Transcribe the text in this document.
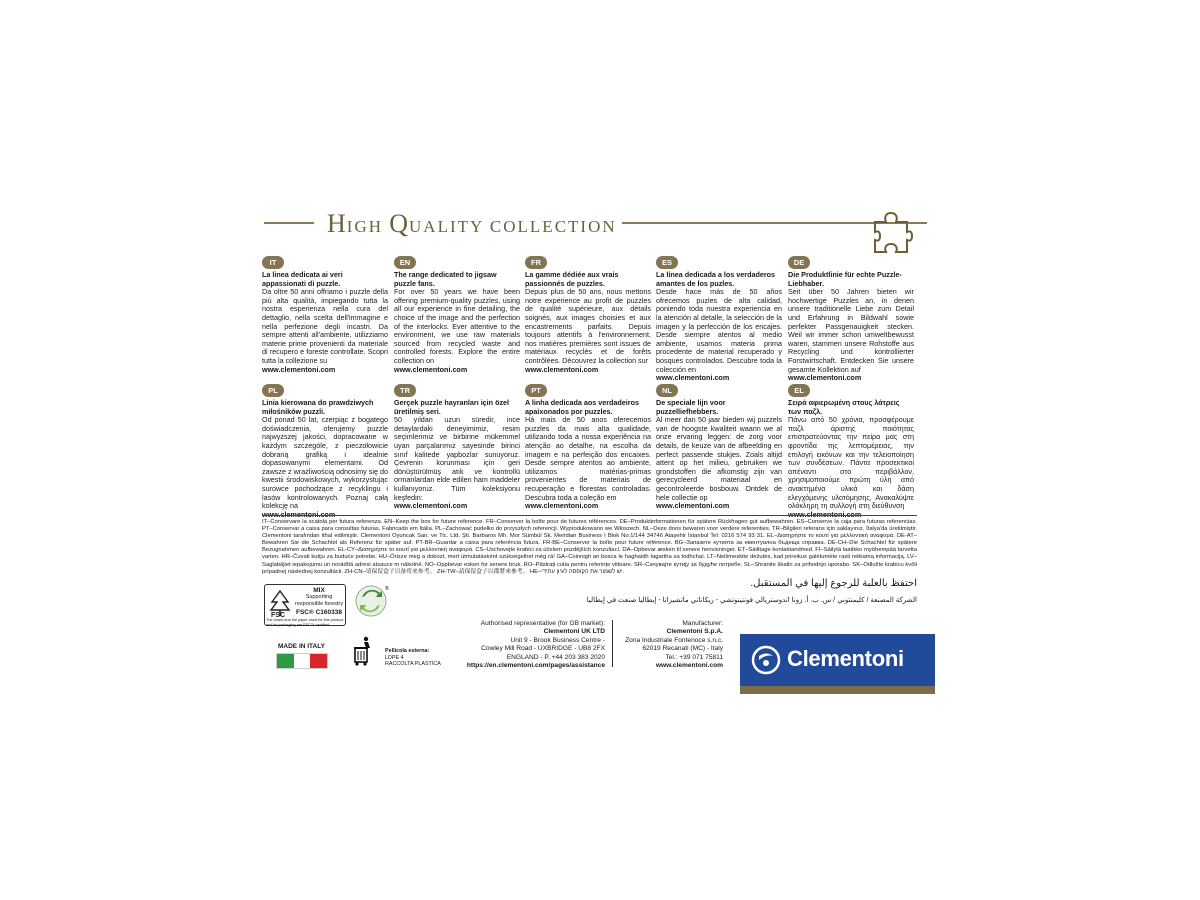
HIGH QUALITY COLLECTION
IT
La linea dedicata ai veri appassionati di puzzle.
Da oltre 50 anni offriamo i puzzle della più alta qualità, impiegando tutta la nostra esperienza nella cura del dettaglio, nella scelta dell'immagine e nella perfezione degli incastri. Da sempre attenti all'ambiente, utilizziamo materie prime provenienti da materiale di recupero e foreste controllate. Scopri tutta la collezione su
www.clementoni.com
EN
The range dedicated to jigsaw puzzle fans.
For over 50 years we have been offering premium-quality puzzles, using all our experience in fine detailing, the choice of the image and the perfection of the interlocks. Ever attentive to the environment, we use raw materials sourced from recycled waste and controlled forests. Explore the entire collection on
www.clementoni.com
FR
La gamme dédiée aux vrais passionnés de puzzles.
Depuis plus de 50 ans, nous mettons notre expérience au profit de puzzles de qualité supérieure, aux détails soignés, aux images choisies et aux encastrements parfaits. Depuis toujours attentifs à l'environnement, nos matières premières sont issues de matériaux recyclés et de forêts contrôlées. Découvrez la collection sur
www.clementoni.com
ES
La línea dedicada a los verdaderos amantes de los puzles.
Desde hace más de 50 años ofrecemos puzles de alta calidad, poniendo toda nuestra experiencia en la atención al detalle, la selección de la imagen y la perfección de los encajes. Desde siempre atentos al medio ambiente, usamos materia prima procedente de material recuperado y bosques controlados. Descubre toda la colección en
www.clementoni.com
DE
Die Produktlinie für echte Puzzle-Liebhaber.
Seit über 50 Jahren bieten wir hochwertige Puzzles an, in denen unsere traditionelle Liebe zum Detail und Erfahrung in Bildwahl sowie perfekter Passgenauigkeit stecken. Weil wir immer schon umweltbewusst waren, stammen unsere Rohstoffe aus Recycling und kontrollierter Forstwirtschaft. Entdecken Sie unsere gesamte Kollektion auf
www.clementoni.com
PL
Linia kierowana do prawdziwych miłośników puzzli.
Od ponad 50 lat, czerpiąc z bogatego doświadczenia, oferujemy puzzle najwyższej jakości, dopracowane w każdym szczególe, z pieczołowicie dobraną grafiką i idealnie dopasowanymi elementami. Od zawsze z wrażliwością odnosimy się do kwestii środowiskowych, wykorzystując surowce pochodzące z recyklingu i lasów kontrolowanych. Poznaj całą kolekcję na
TR
Gerçek puzzle hayranları için özel üretilmiş seri.
50 yıldan uzun süredir, ince detaylardaki deneyimimiz, resim seçimlerimiz ve birbirine mükemmel uyan parçalarımız sayesinde birinci sınıf kalitede yapbozlar sunuyoruz. Çevrenin korunması için geri dönüştürülmüş atık ve kontrollü ormanlardan elde edilen ham maddeler kullanıyoruz. Tüm koleksiyonu keşfedin:
www.clementoni.com
PT
A linha dedicada aos verdadeiros apaixonados por puzzles.
Há mais de 50 anos oferecemos puzzles da mais alta qualidade, utilizando toda a nossa experiência na atenção ao detalhe, na escolha da imagem e na perfeição dos encaixes. Desde sempre atentos ao ambiente, utilizamos matérias-primas provenientes de materiais de recuperação e florestas controladas. Descubra toda a coleção em
www.clementoni.com
NL
De speciale lijn voor puzzelliefhebbers.
Al meer dan 50 jaar bieden wij puzzels van de hoogste kwaliteit waarin we al onze ervaring leggen: de zorg voor details, de keuze van de afbeelding en perfect passende stukjes. Zoals altijd attent op het milieu, gebruiken we grondstoffen die afkomstig zijn van gerecycleerd materiaal en gecontroleerde bosbouw. Ontdek de hele collectie op
www.clementoni.com
EL
Σειρά αφιερωμένη στους λάτρεις των παζλ.
Πάνω από 50 χρόνια, προσφέρουμε παζλ άριστης ποιότητας επιστρατεύοντας την πείρα μας στη φροντίδα της λεπτομέρειας, την επιλογή εικόνων και την τελειοποίηση των συνδέσεων. Πάντα προσεκτικοί απέναντι στο περιβάλλον, χρησιμοποιούμε πρώτη ύλη από ανακτημένα υλικά και δάση ελεγχόμενης υλοτόμησης. Ανακαλύψτε ολόκληρη τη συλλογή στη διεύθυνση
IT–Conservare la scatola per futura referenza. EN–Keep the box for future reference. FR–Conserver la boîte pour de futures références. DE–Produktinformationen für spätere Rückfragen gut aufbewahren. ES–Conserve la caja para futuras referencias. PT–Conservar a caixa para consultas futuras. Fabricado em Itália. PL–Zachować pudełko do przyszłych referencji. Wyprodukowano we Włoszech. NL–Deze doos bewaren voor verdere referenties. TR–Bilgileri referans için saklayınız. İtalya'da üretilmiştir. Clementoni tarafından ithal edilmiştir. Clementoni Oyuncak San. ve Tic. Ltd. Şti. Barbaros Mh. Mor Sümbül Sk. Meridian Business I Blok No:1/144 34746 Ataşehir İstanbul Tel: 0216 574 93 31. EL–Διατηρήστε το κουτί για μελλοντική αναφορά. DE-AT–Bewahren Sie die Schachtel als Referenz für später auf. PT-BR–Guardar a caixa para referência futura. FR-BE–Conserver la boîte pour future référence. BG–Запазете кутията за евентуална бъдеща справка. DE-CH–Die Schachtel für spätere Bezugnahmen aufbewahren. EL-CY–Διατηρήστε το κουτί για μελλοντική αναφορά. CS–Uschovejte krabici za účelem pozdějších konzultací. DA–Opbevar æsken til senere henvisninger. ET–Säilitage kontaktandmed. FI–Säilytä laatikko myöhempää tarvetta varten. HR–Čuvati kutiju za buduće potrebe. HU–Őrizze meg a dobozt, mert útmutatásként szükségelhet még rá! GA–Coinnigh an bosca le haghaidh tagartha sa todhchaí. LT–Neišmeskite dėžutės, kad prireikus galėtumėte rasti reikiamą informaciją. LV–Saglabājiet iepakojumu un norādītā adresi atsauce m nākotnē. NO–Oppbevar esken for senere bruk. RO–Păstrați cutia pentru referințe viitoare. SR–Сачувајте кутију за будуће потребе. SL–Shranite škatlo za prihodnjo uporabo. SK–Odložte krabicu kvôli prípadnej následnej konzultácii. ZH-CN–请保留盒子以备将来参考。 ZH-TW–請保留盒子以備將來參考。 HE–יש לשמור את הקופסה לעיון עתידי.
احتفظ بالعلبة للرجوع إليها في المستقبل.
الشركة المصنعة / كليمنتوني / س. ب. أ. زونا اندوستريالي فونتينوتشي - ريكاناتي ماتشيراتا - إيطاليا صنعت في إيطاليا
FSC
MIX
Supporting responsible forestry
FSC® C160338
The board and the paper used for this product and its packaging are FSC™ certified.
®
MADE IN ITALY
Pellicola esterna:
LDPE 4
RACCOLTA PLASTICA
Authorised representative (for GB market):
Clementoni UK LTD
Unit 9 - Brook Business Centre -
Cowley Mill Road - UXBRIDGE - UB8 2FX
ENGLAND - P. +44 203 383 2020
https://en.clementoni.com/pages/assistance
Manufacturer:
Clementoni S.p.A.
Zona Industriale Fontenoce s.n.c.
62019 Recanati (MC) - Italy
Tel.: +39 071 75811
www.clementoni.com	Clementoni
